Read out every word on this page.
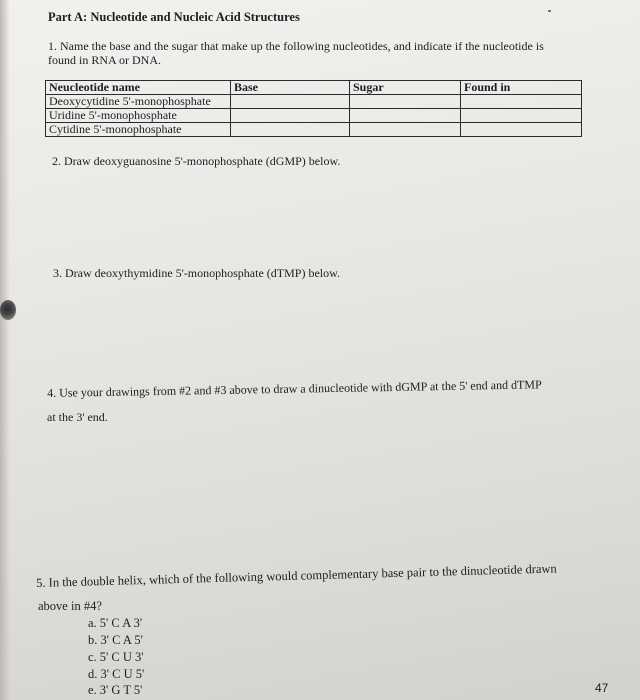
Part A: Nucleotide and Nucleic Acid Structures
1. Name the base and the sugar that make up the following nucleotides, and indicate if the nucleotide is
found in RNA or DNA.
Neucleotide name	Base	Sugar	Found in
Deoxycytidine 5'-monophosphate			
Uridine 5'-monophosphate			
Cytidine 5'-monophosphate			
2. Draw deoxyguanosine 5'-monophosphate (dGMP) below.
3. Draw deoxythymidine 5'-monophosphate (dTMP) below.
4. Use your drawings from #2 and #3 above to draw a dinucleotide with dGMP at the 5' end and dTMP
at the 3' end.
5. In the double helix, which of the following would complementary base pair to the dinucleotide drawn
above in #4?
a. 5' C A 3'
b. 3' C A 5'
c. 5' C U 3'
d. 3' C U 5'
e. 3' G T 5'	47
